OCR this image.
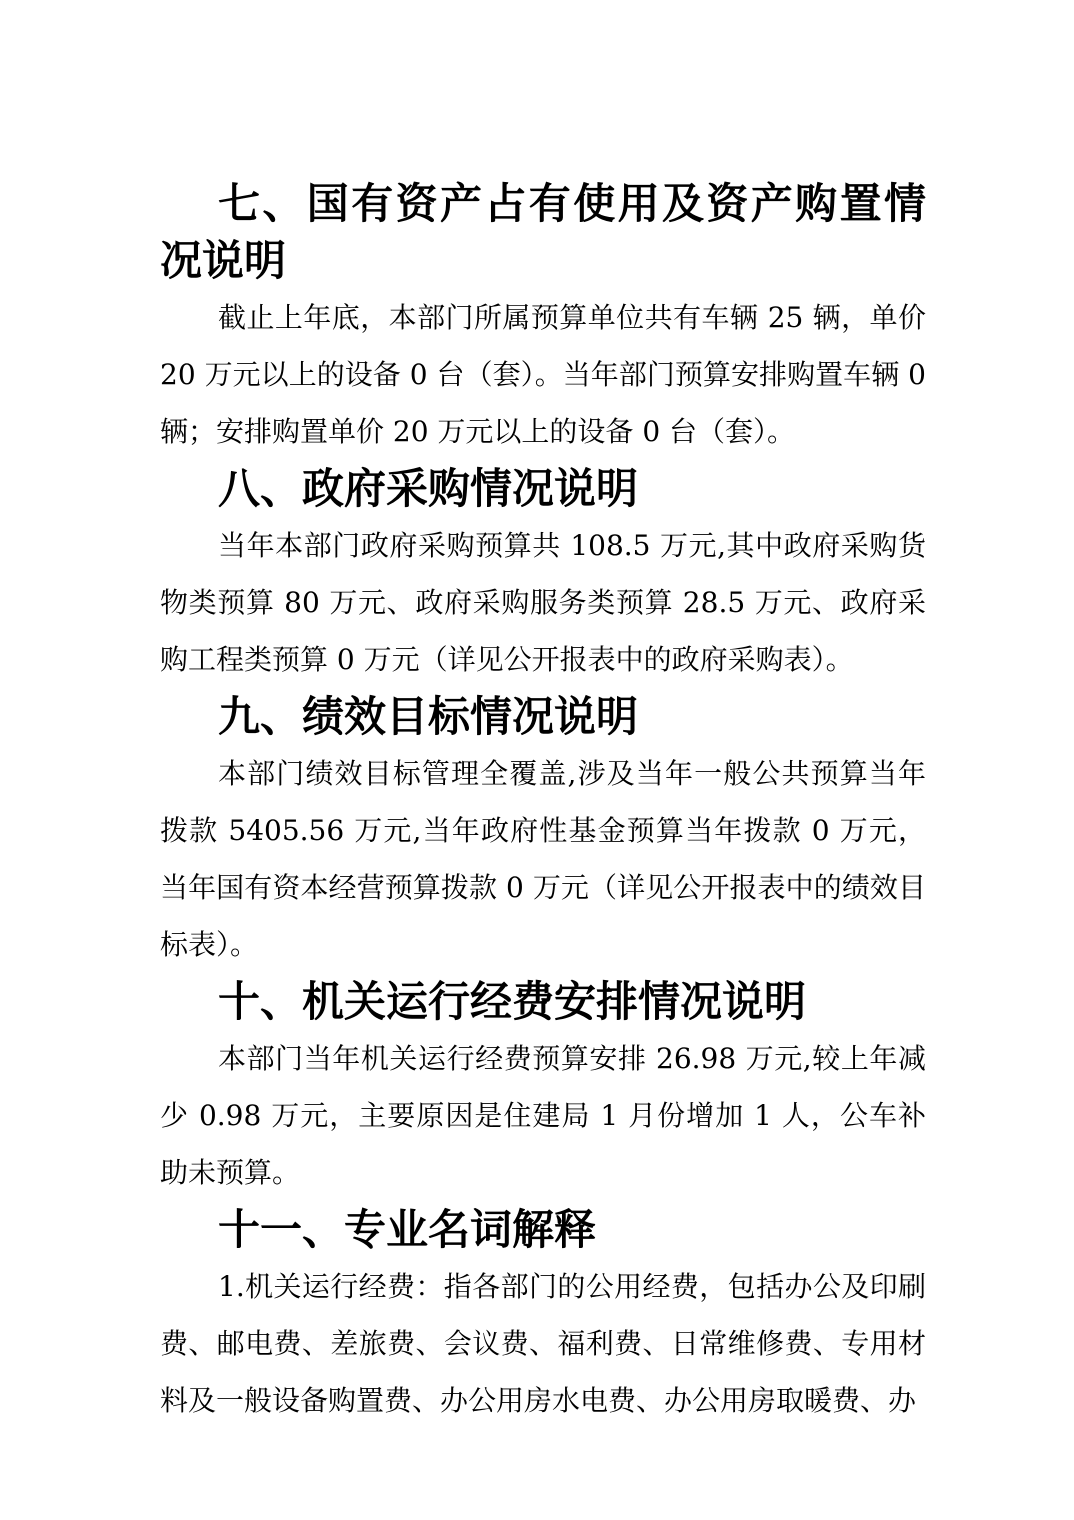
七、国有资产占有使用及资产购置情况说明

截止上年底，本部门所属预算单位共有车辆 25 辆，单价 20 万元以上的设备 0 台（套）。当年部门预算安排购置车辆 0 辆；安排购置单价 20 万元以上的设备 0 台（套）。

八、政府采购情况说明

当年本部门政府采购预算共 108.5 万元,其中政府采购货物类预算 80 万元、政府采购服务类预算 28.5 万元、政府采购工程类预算 0 万元（详见公开报表中的政府采购表）。

九、绩效目标情况说明

本部门绩效目标管理全覆盖,涉及当年一般公共预算当年拨款 5405.56 万元,当年政府性基金预算当年拨款 0 万元，当年国有资本经营预算拨款 0 万元（详见公开报表中的绩效目标表）。

十、机关运行经费安排情况说明

本部门当年机关运行经费预算安排 26.98 万元,较上年减少 0.98 万元，主要原因是住建局 1 月份增加 1 人，公车补助未预算。

十一、专业名词解释

1.机关运行经费：指各部门的公用经费，包括办公及印刷费、邮电费、差旅费、会议费、福利费、日常维修费、专用材料及一般设备购置费、办公用房水电费、办公用房取暖费、办
